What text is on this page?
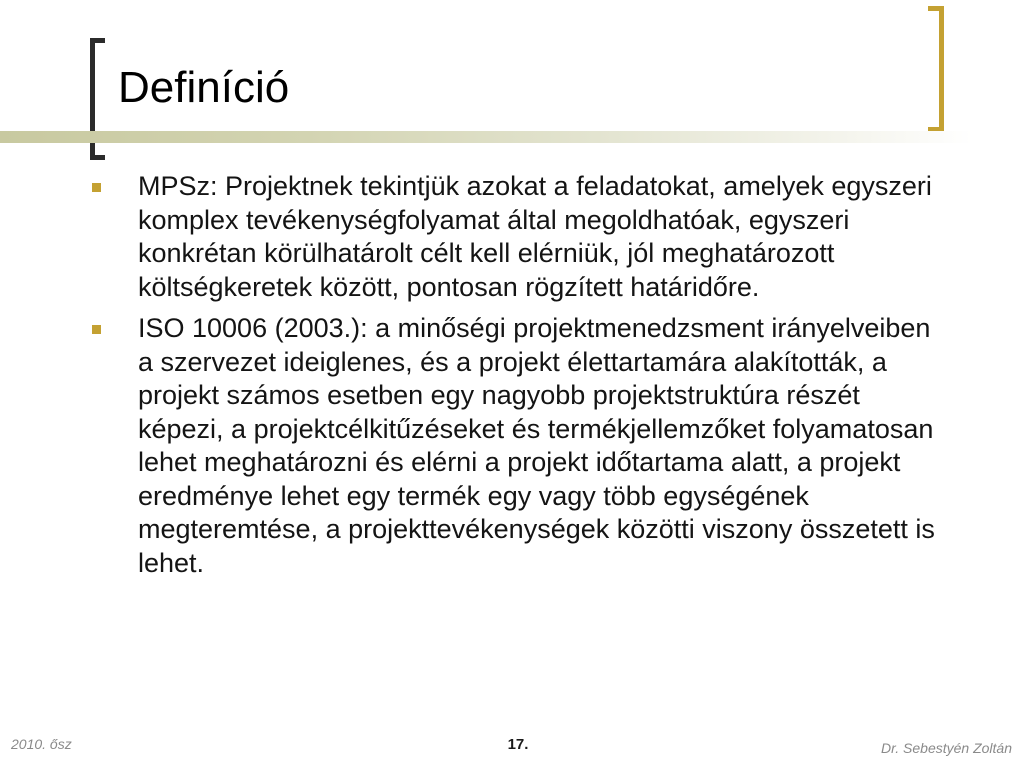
Definíció
MPSz: Projektnek tekintjük azokat a feladatokat, amelyek egyszeri komplex tevékenységfolyamat által megoldhatóak, egyszeri konkrétan körülhatárolt célt kell elérniük, jól meghatározott költségkeretek között, pontosan rögzített határidőre.
ISO 10006 (2003.): a minőségi projektmenedzsment irányelveiben a szervezet ideiglenes, és a projekt élettartamára alakították, a projekt számos esetben egy nagyobb projektstruktúra részét képezi, a projektcélkitűzéseket és termékjellemzőket folyamatosan lehet meghatározni és elérni a projekt időtartama alatt, a projekt eredménye lehet egy termék egy vagy több egységének megteremtése, a projekttevékenységek közötti viszony összetett is lehet.
2010. ősz	17.	Dr. Sebestyén Zoltán
